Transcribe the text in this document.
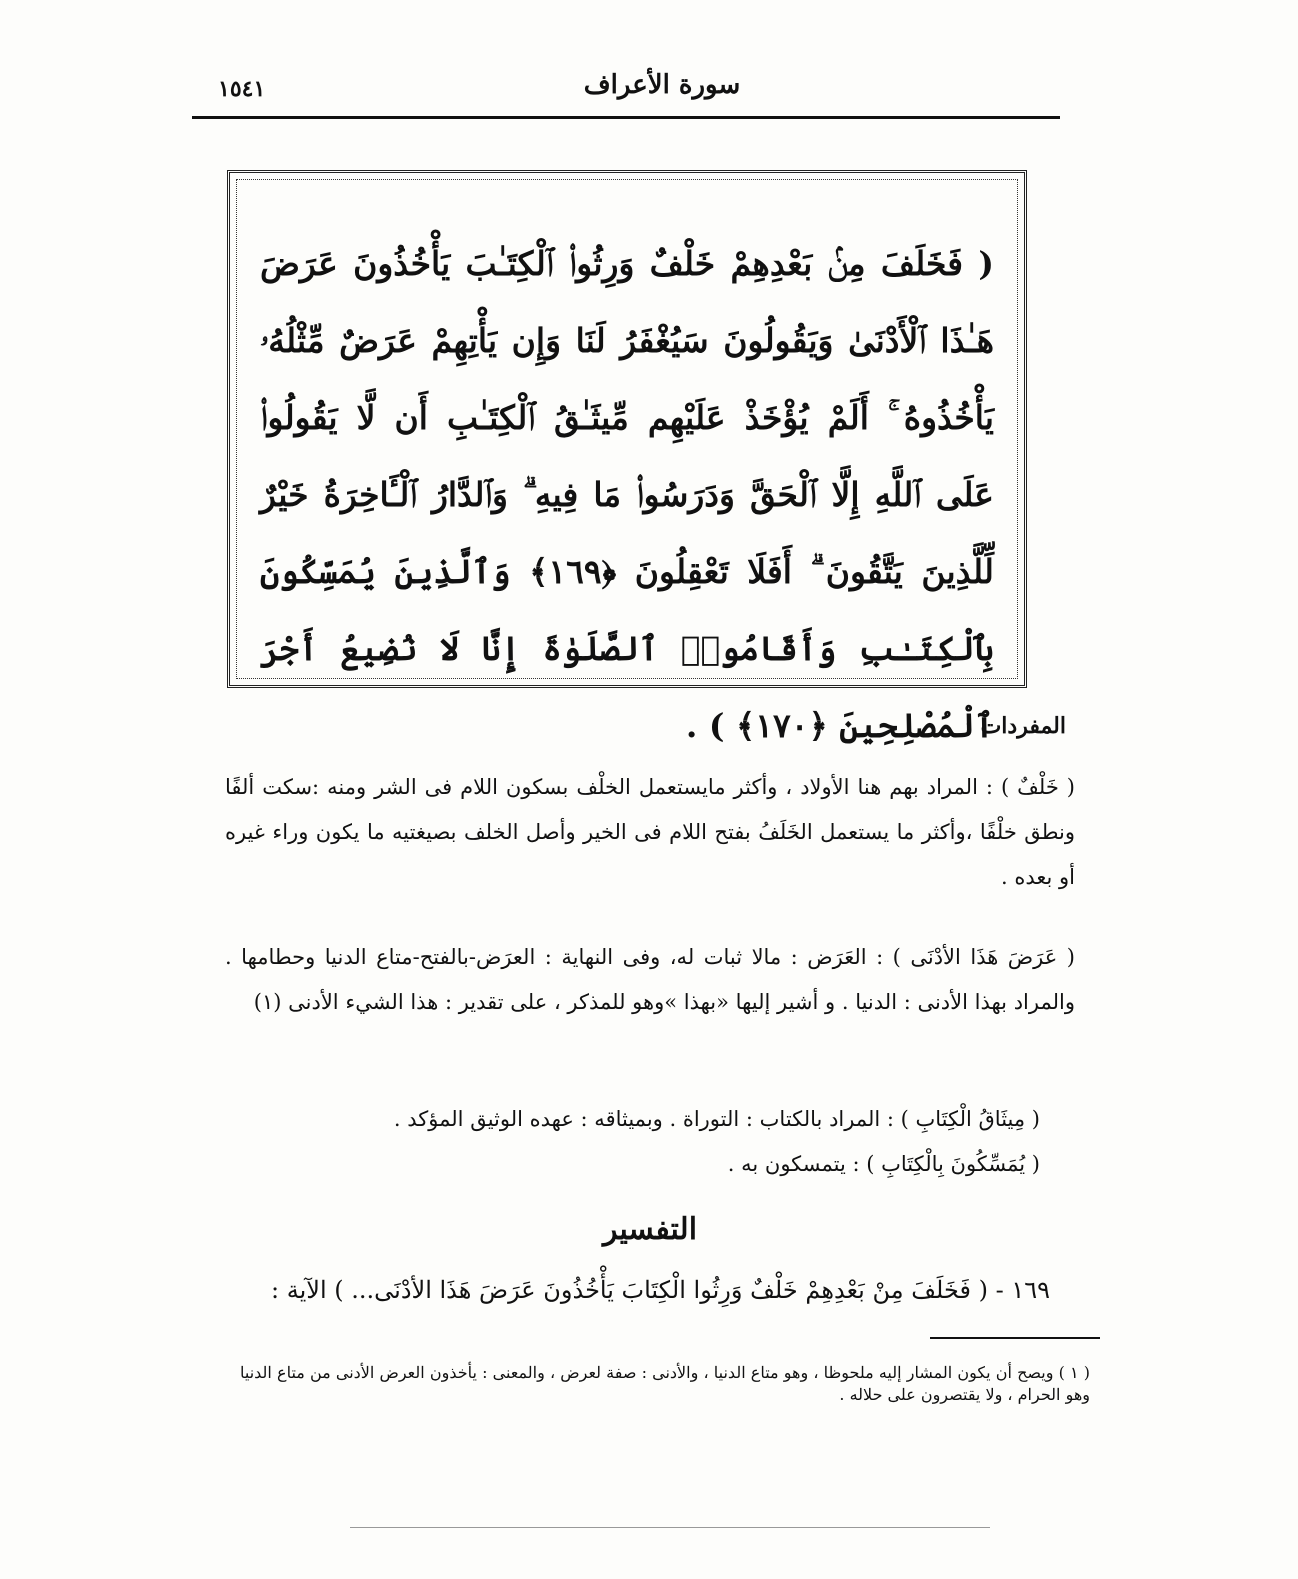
١٥٤١	سورة الأعراف
( فَخَلَفَ مِنۢ بَعْدِهِمْ خَلْفٌ وَرِثُوا۟ ٱلْكِتَـٰبَ يَأْخُذُونَ عَرَضَ هَـٰذَا ٱلْأَدْنَىٰ وَيَقُولُونَ سَيُغْفَرُ لَنَا وَإِن يَأْتِهِمْ عَرَضٌ مِّثْلُهُۥ يَأْخُذُوهُ ۚ أَلَمْ يُؤْخَذْ عَلَيْهِم مِّيثَـٰقُ ٱلْكِتَـٰبِ أَن لَّا يَقُولُوا۟ عَلَى ٱللَّهِ إِلَّا ٱلْحَقَّ وَدَرَسُوا۟ مَا فِيهِ ۗ وَٱلدَّارُ ٱلْـَٔاخِرَةُ خَيْرٌ لِّلَّذِينَ يَتَّقُونَ ۗ أَفَلَا تَعْقِلُونَ ﴿١٦٩﴾ وَٱلَّذِينَ يُمَسِّكُونَ بِٱلْكِتَـٰبِ وَأَقَامُوا۟ ٱلصَّلَوٰةَ إِنَّا لَا نُضِيعُ أَجْرَ ٱلْمُصْلِحِينَ ﴿١٧٠﴾ ) .
المفردات :
( خَلْفٌ ) : المراد بهم هنا الأولاد ، وأكثر مايستعمل الخلْف بسكون اللام فى الشر ومنه :سكت ألفًا ونطق خلْفًا ،وأكثر ما يستعمل الخَلَفُ بفتح اللام فى الخير وأصل الخلف بصيغتيه ما يكون وراء غيره أو بعده .
( عَرَضَ هَذَا الأدْنَى ) : العَرَض : مالا ثبات له، وفى النهاية : العرَض-بالفتح-متاع الدنيا وحطامها . والمراد بهذا الأدنى : الدنيا . و أشير إليها «بهذا »وهو للمذكر ، على تقدير : هذا الشيء الأدنى (١)
( مِيثَاقُ الْكِتَابِ ) : المراد بالكتاب : التوراة . وبميثاقه : عهده الوثيق المؤكد .
( يُمَسِّكُونَ بِالْكِتَابِ ) : يتمسكون به .
التفسير
١٦٩ - ( فَخَلَفَ مِنْ بَعْدِهِمْ خَلْفٌ وَرِثُوا الْكِتَابَ يَأْخُذُونَ عَرَضَ هَذَا الأدْنَى... ) الآية :
( ١ ) ويصح أن يكون المشار إليه ملحوظا ، وهو متاع الدنيا ، والأدنى : صفة لعرض ، والمعنى : يأخذون العرض الأدنى من متاع الدنيا وهو الحرام ، ولا يقتصرون على حلاله .
